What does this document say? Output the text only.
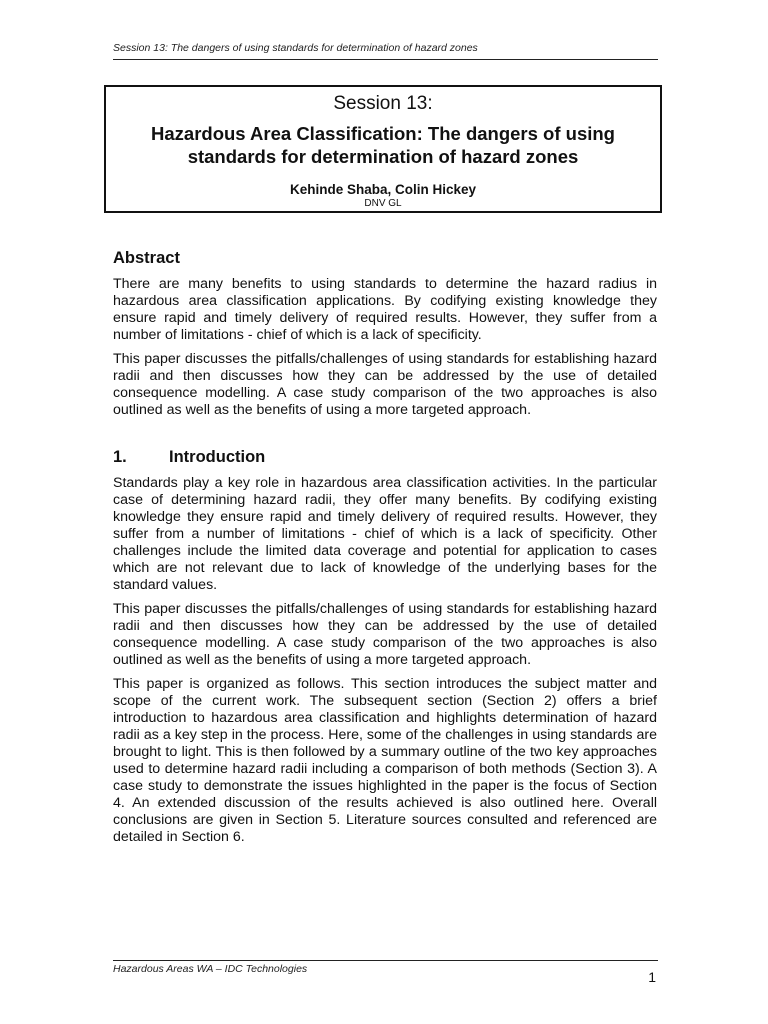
Session 13: The dangers of using standards for determination of hazard zones
Session 13:
Hazardous Area Classification: The dangers of using standards for determination of hazard zones
Kehinde Shaba, Colin Hickey
DNV GL
Abstract

There are many benefits to using standards to determine the hazard radius in hazardous area classification applications. By codifying existing knowledge they ensure rapid and timely delivery of required results. However, they suffer from a number of limitations - chief of which is a lack of specificity.

This paper discusses the pitfalls/challenges of using standards for establishing hazard radii and then discusses how they can be addressed by the use of detailed consequence modelling. A case study comparison of the two approaches is also outlined as well as the benefits of using a more targeted approach.

1.	Introduction

Standards play a key role in hazardous area classification activities. In the particular case of determining hazard radii, they offer many benefits. By codifying existing knowledge they ensure rapid and timely delivery of required results. However, they suffer from a number of limitations - chief of which is a lack of specificity. Other challenges include the limited data coverage and potential for application to cases which are not relevant due to lack of knowledge of the underlying bases for the standard values.

This paper discusses the pitfalls/challenges of using standards for establishing hazard radii and then discusses how they can be addressed by the use of detailed consequence modelling. A case study comparison of the two approaches is also outlined as well as the benefits of using a more targeted approach.

This paper is organized as follows. This section introduces the subject matter and scope of the current work. The subsequent section (Section 2) offers a brief introduction to hazardous area classification and highlights determination of hazard radii as a key step in the process. Here, some of the challenges in using standards are brought to light. This is then followed by a summary outline of the two key approaches used to determine hazard radii including a comparison of both methods (Section 3). A case study to demonstrate the issues highlighted in the paper is the focus of Section 4. An extended discussion of the results achieved is also outlined here. Overall conclusions are given in Section 5. Literature sources consulted and referenced are detailed in Section 6.

Hazardous Areas WA – IDC Technologies	1
